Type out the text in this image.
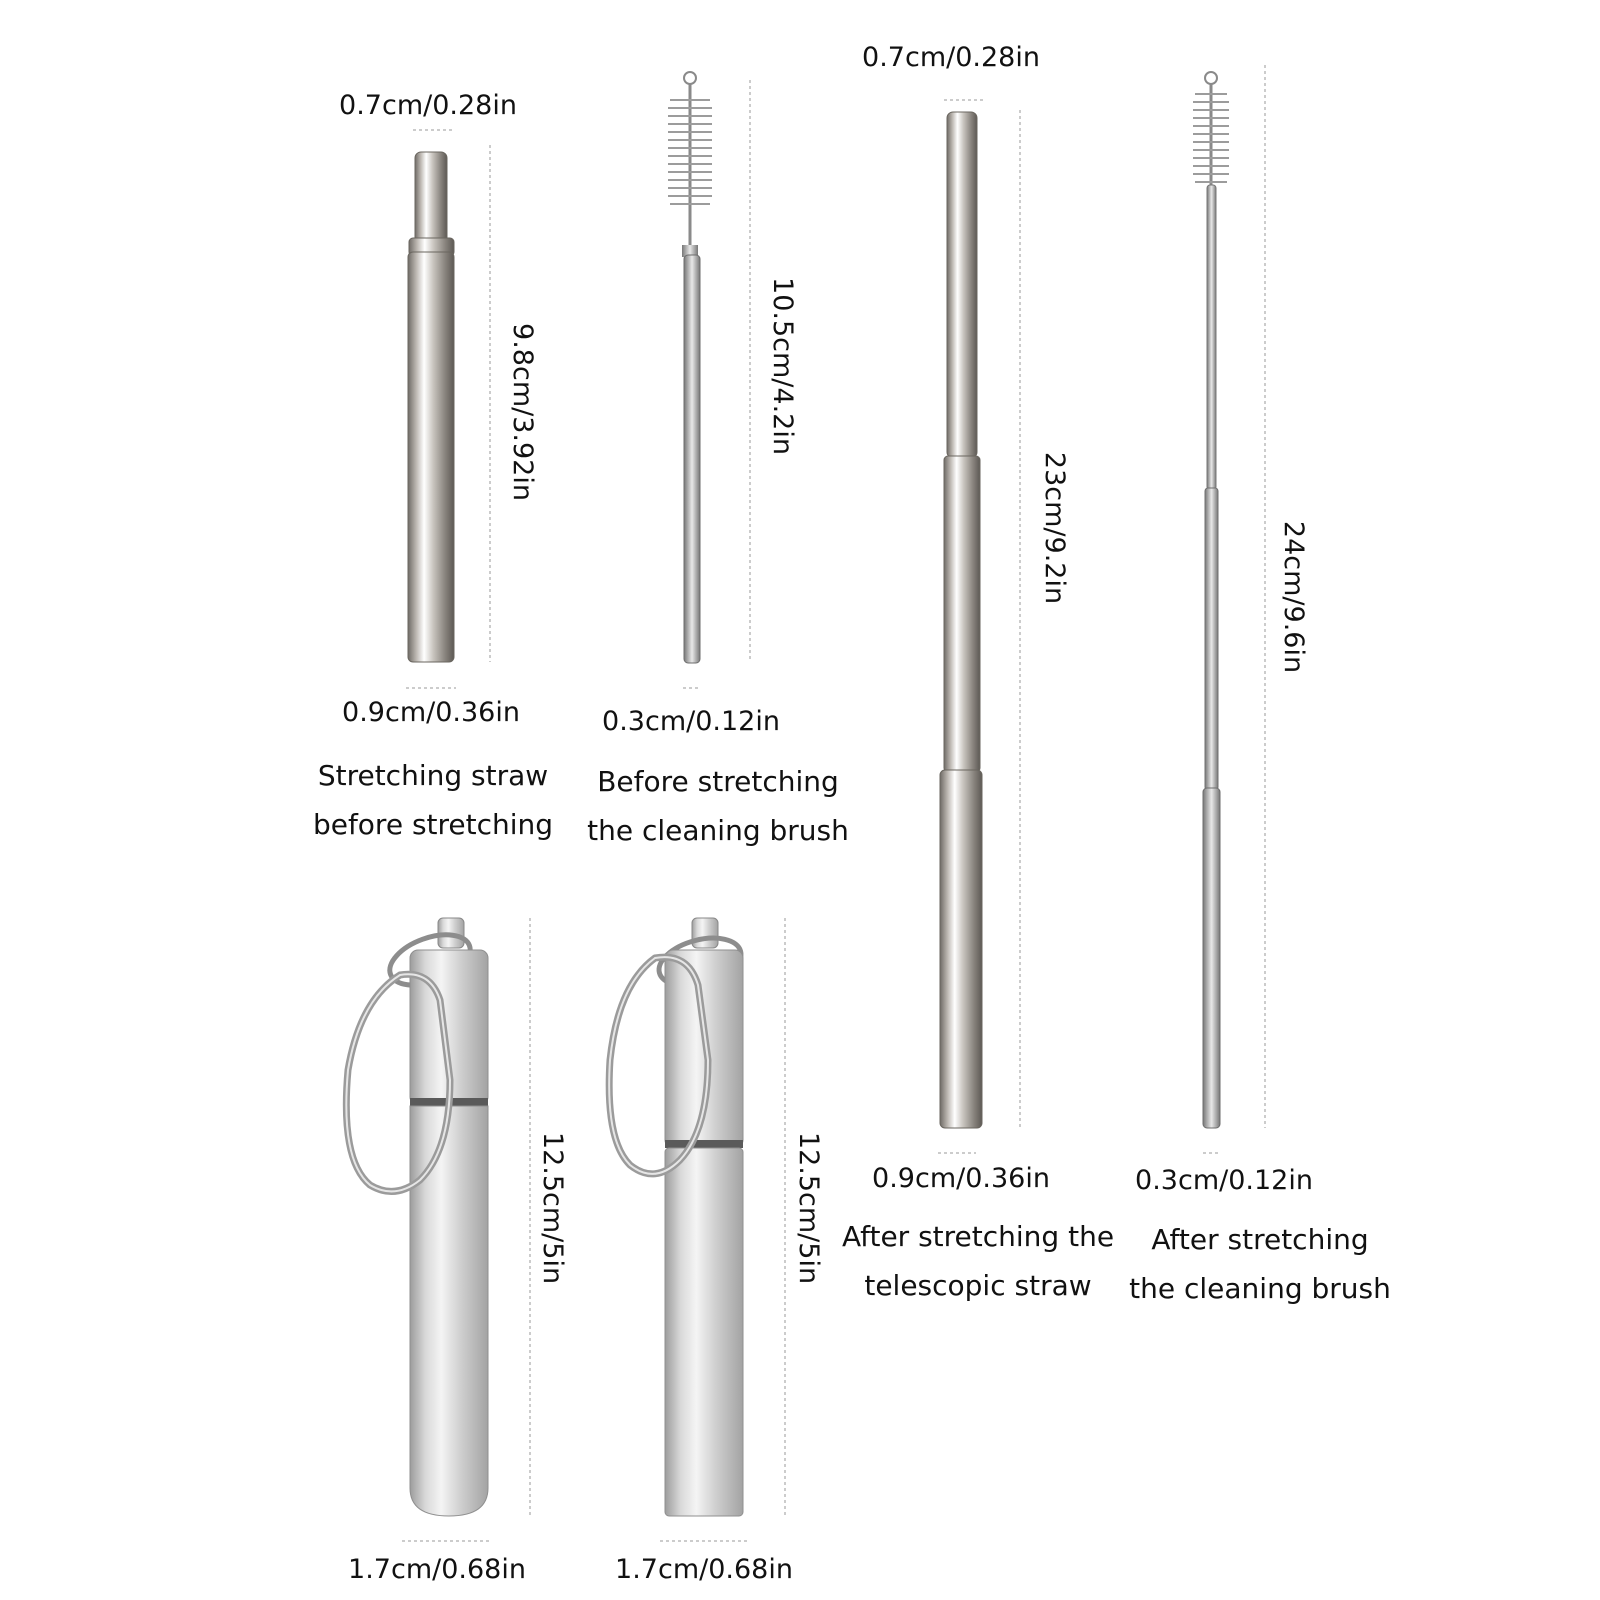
0.7cm/0.28in
9.8cm/3.92in
0.9cm/0.36in
Stretching straw
before stretching
10.5cm/4.2in
0.3cm/0.12in
Before stretching
the cleaning brush
0.7cm/0.28in
23cm/9.2in
0.9cm/0.36in
After stretching the
telescopic straw
24cm/9.6in
0.3cm/0.12in
After stretching
the cleaning brush
12.5cm/5in
1.7cm/0.68in
12.5cm/5in
1.7cm/0.68in
